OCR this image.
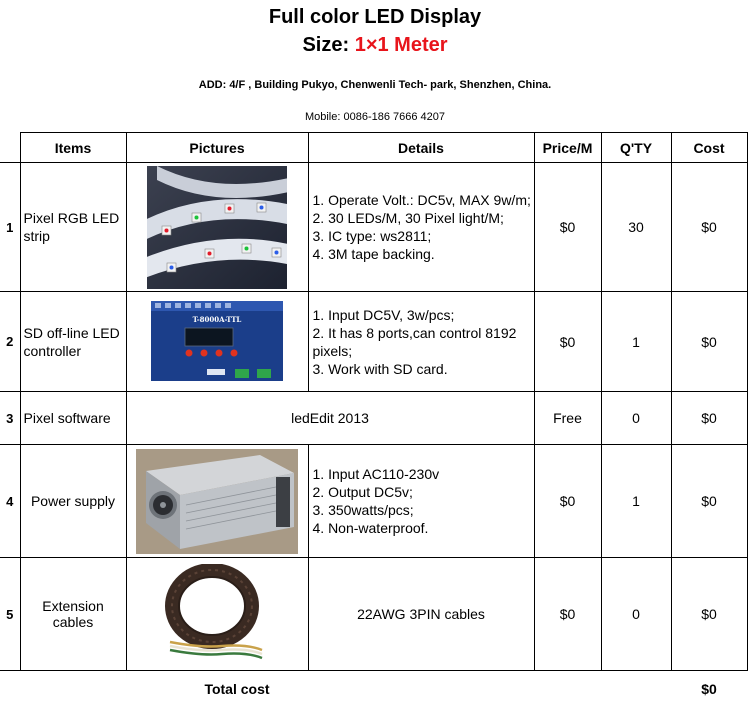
Full color LED Display
Size: 1×1 Meter
ADD: 4/F , Building Pukyo, Chenwenli Tech- park, Shenzhen, China.
Mobile: 0086-186 7666 4207
	Items	Pictures	Details	Price/M	Q'TY	Cost
1	Pixel RGB LED strip		1. Operate Volt.: DC5v, MAX 9w/m;
2. 30 LEDs/M, 30 Pixel light/M;
3. IC type: ws2811;
4. 3M tape backing.	$0	30	$0
2	SD off-line LED controller	T-8000A-TTL	1. Input DC5V, 3w/pcs;
2. It has 8 ports,can control 8192 pixels;
3. Work with SD card.	$0	1	$0
3	Pixel software	ledEdit 2013		Free	0	$0
4	Power supply		1. Input AC110-230v
2. Output DC5v;
3. 350watts/pcs;
4. Non-waterproof.	$0	1	$0
5	Extension cables		22AWG 3PIN cables	$0	0	$0
	Total cost					$0
